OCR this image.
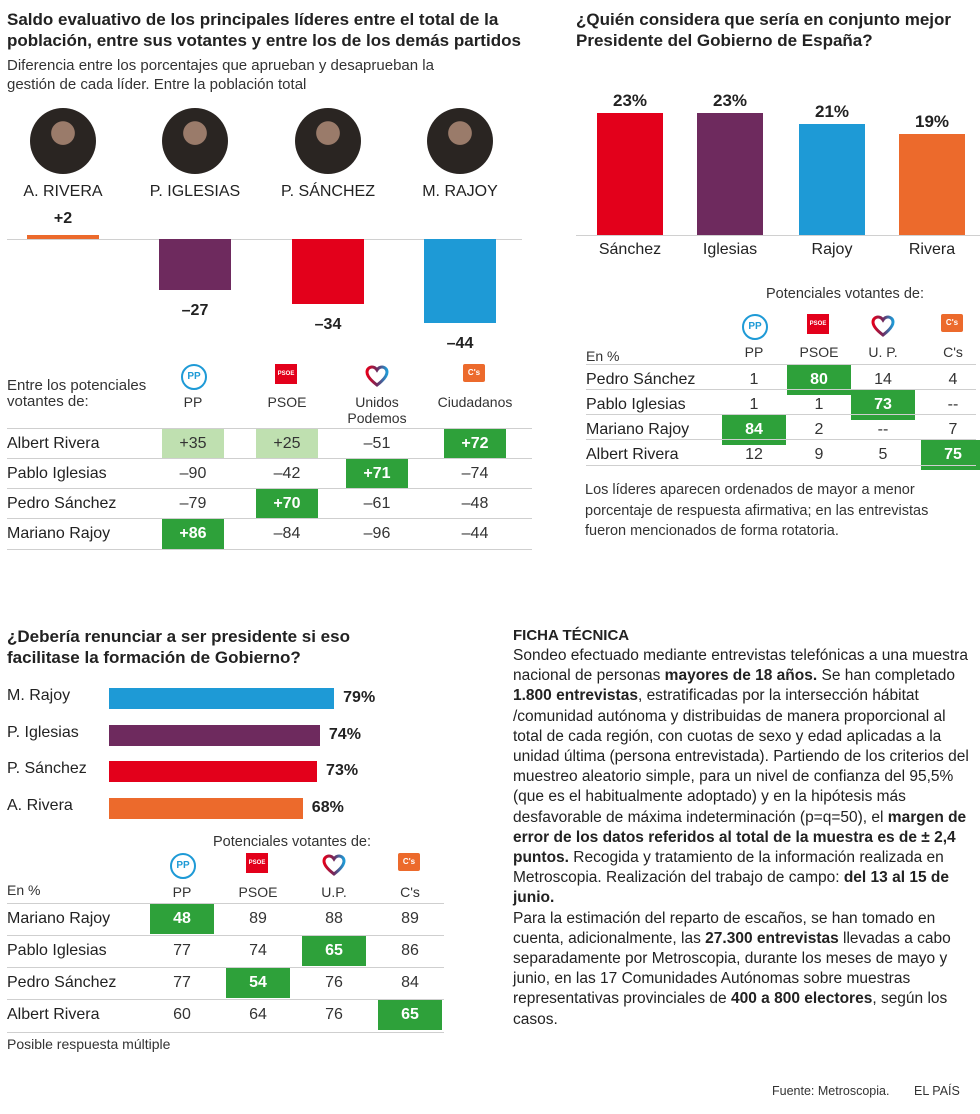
Saldo evaluativo de los principales líderes entre el total de la población, entre sus votantes y entre los de los demás partidos
Diferencia entre los porcentajes que aprueban y desaprueban la gestión de cada líder. Entre la población total
A. RIVERA	P. IGLESIAS	P. SÁNCHEZ	M. RAJOY
+2
–27
–34
–44
Entre los potenciales votantes de:
PP
PP
PSOE
PSOE	Unidos Podemos
C's
Ciudadanos
Albert Rivera	+35	+25	–51	+72
Pablo Iglesias	–90	–42	+71	–74
Pedro Sánchez	–79	+70	–61	–48
Mariano Rajoy	+86	–84	–96	–44
¿Quién considera que sería en conjunto mejor Presidente del Gobierno de España?
23%
Sánchez
23%
Iglesias
21%
Rajoy
19%
Rivera
Potenciales votantes de:
En %
PP
PP
PSOE
PSOE	U. P.
C's
C's
Pedro Sánchez	1	80	14	4
Pablo Iglesias	1	1	73	--
Mariano Rajoy	84	2	--	7
Albert Rivera	12	9	5	75
Los líderes aparecen ordenados de mayor a menor porcentaje de respuesta afirmativa; en las entrevistas fueron mencionados de forma rotatoria.
¿Debería renunciar a ser presidente si eso facilitase la formación de Gobierno?
M. Rajoy	79%
P. Iglesias	74%
P. Sánchez	73%
A. Rivera	68%
Potenciales votantes de:
En %
PP
PP
PSOE
PSOE	U.P.
C's
C's
Mariano Rajoy	48	89	88	89
Pablo Iglesias	77	74	65	86
Pedro Sánchez	77	54	76	84
Albert Rivera	60	64	76	65
Posible respuesta múltiple
FICHA TÉCNICA
Sondeo efectuado mediante entrevistas telefónicas a una muestra nacional de personas mayores de 18 años. Se han completado 1.800 entrevistas, estratificadas por la intersección hábitat /comunidad autónoma y distribuidas de manera proporcional al total de cada región, con cuotas de sexo y edad aplicadas a la unidad última (persona entrevistada). Partiendo de los criterios del muestreo aleatorio simple, para un nivel de confianza del 95,5% (que es el habitualmente adoptado) y en la hipótesis más desfavorable de máxima indeterminación (p=q=50), el margen de error de los datos referidos al total de la muestra es de ± 2,4 puntos. Recogida y tratamiento de la información realizada en Metroscopia. Realización del trabajo de campo: del 13 al 15 de junio.
Para la estimación del reparto de escaños, se han tomado en cuenta, adicionalmente, las 27.300 entrevistas llevadas a cabo separadamente por Metroscopia, durante los meses de mayo y junio, en las 17 Comunidades Autónomas sobre muestras representativas provinciales de 400 a 800 electores, según los casos.
Fuente: Metroscopia. EL PAÍS
